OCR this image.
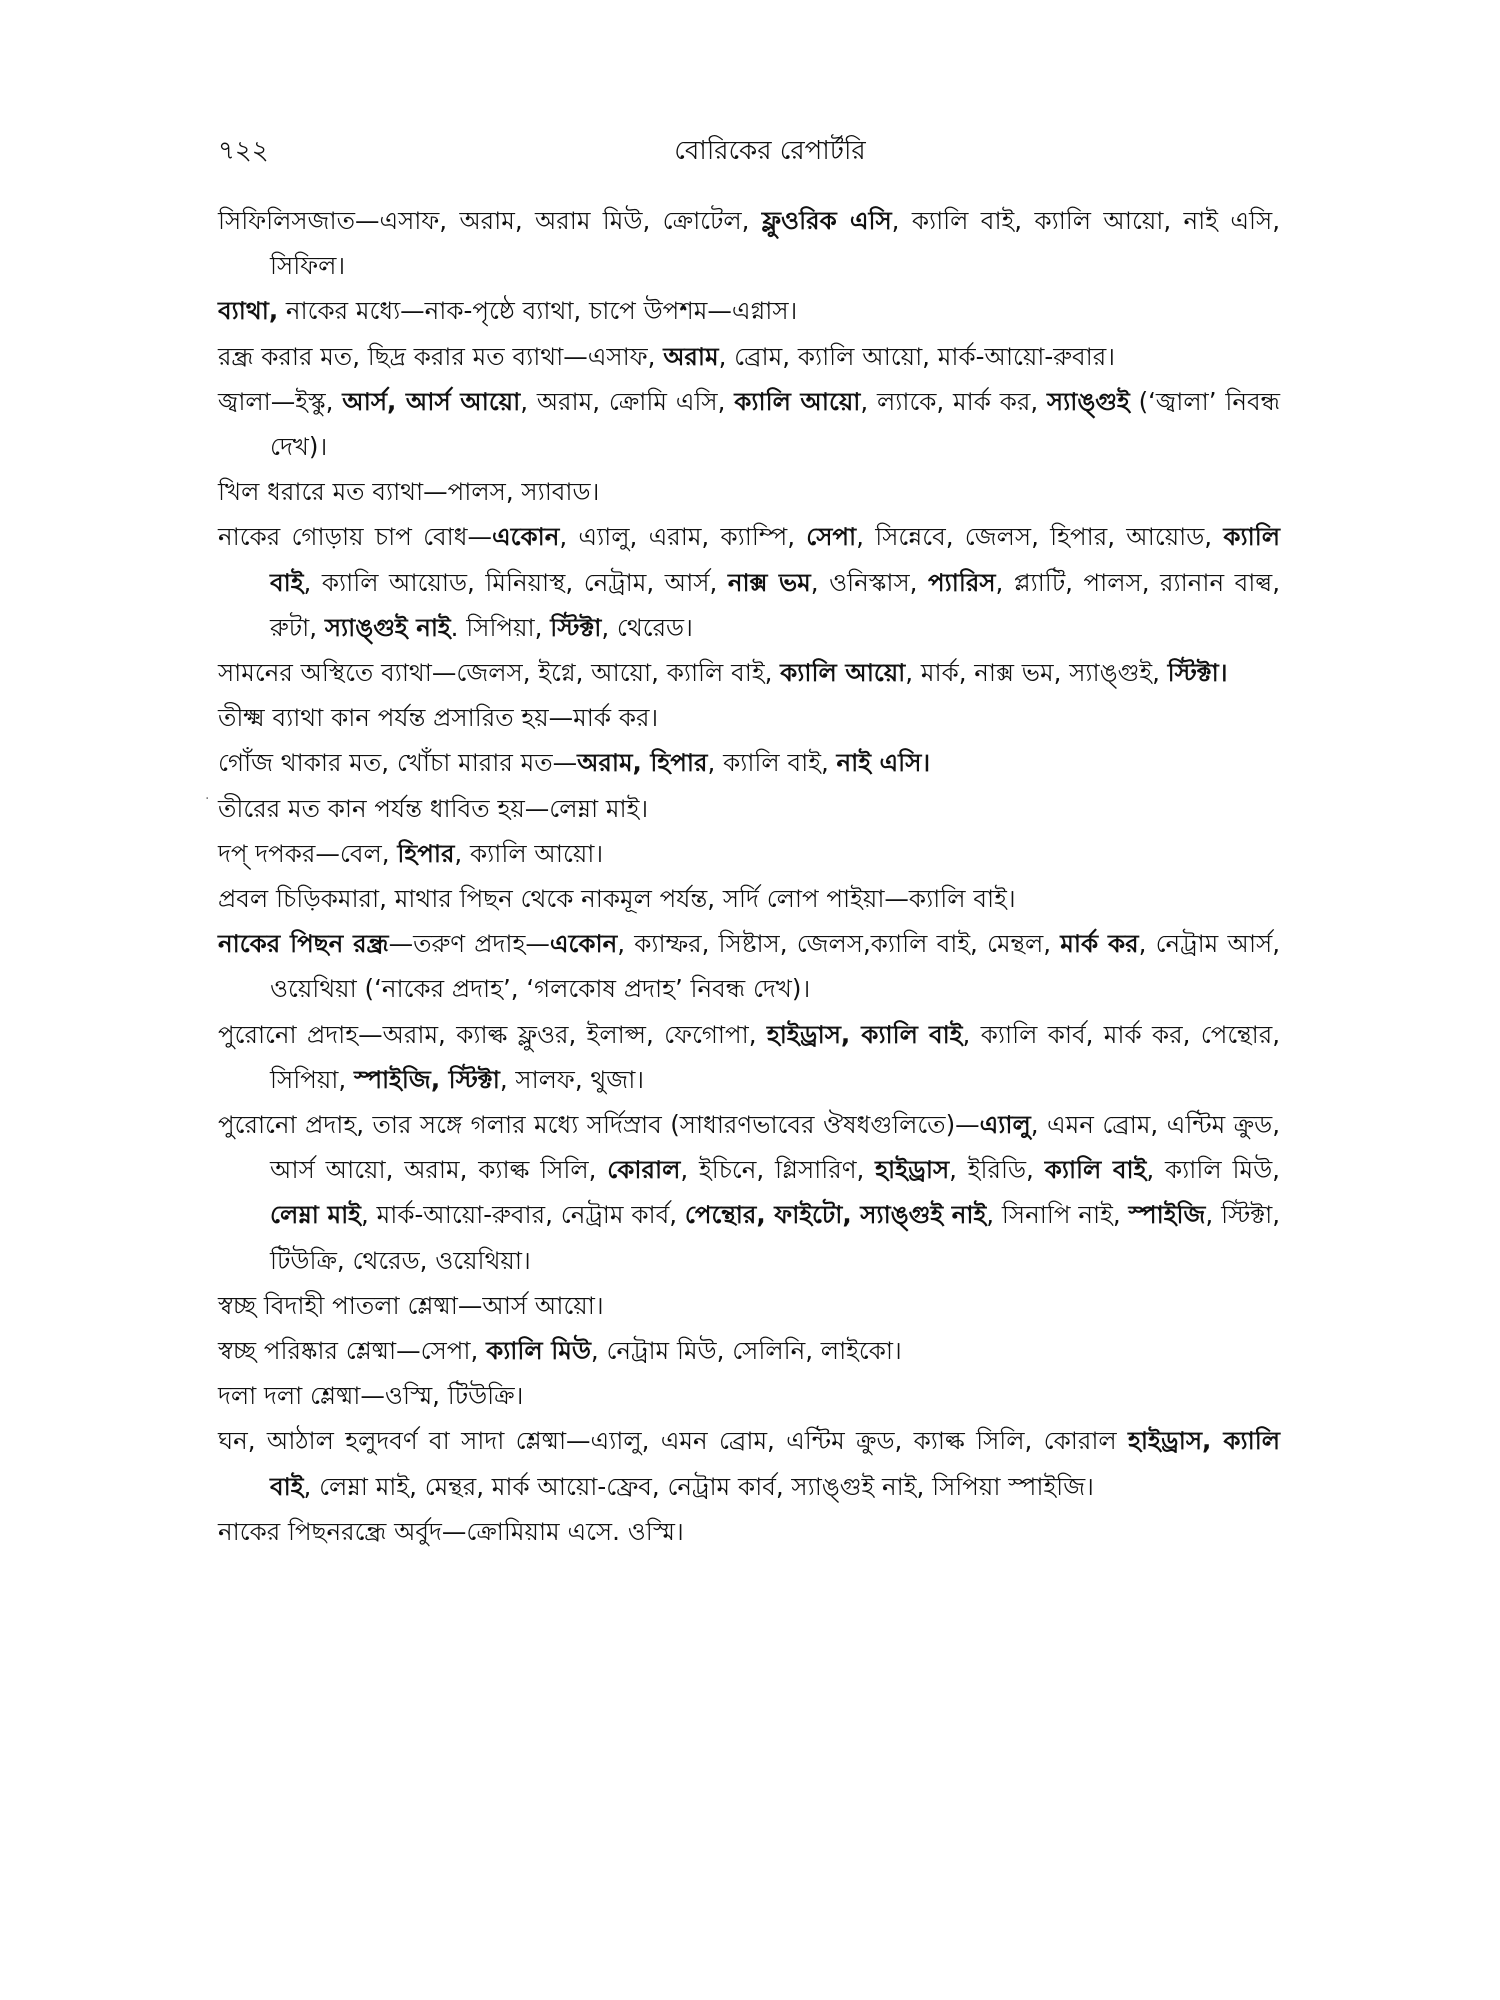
৭২২	বোরিকের রেপার্টরি
.

সিফিলিসজাত—এসাফ, অরাম, অরাম মিউ, ক্রোটেল, ফ্লুওরিক এসি, ক্যালি বাই, ক্যালি আয়ো, নাই এসি, সিফিল।

ব্যাথা, নাকের মধ্যে—নাক-পৃষ্ঠে ব্যাথা, চাপে উপশম—এগ্নাস।

রন্ধ্র করার মত, ছিদ্র করার মত ব্যাথা—এসাফ, অরাম, ব্রোম, ক্যালি আয়ো, মার্ক-আয়ো-রুবার।

জ্বালা—ইস্কু, আর্স, আর্স আয়ো, অরাম, ক্রোমি এসি, ক্যালি আয়ো, ল্যাকে, মার্ক কর, স্যাঙ্গুই (‘জ্বালা’ নিবন্ধ দেখ)।

খিল ধরারে মত ব্যাথা—পালস, স্যাবাড।

নাকের গোড়ায় চাপ বোধ—একোন, এ্যালু, এরাম, ক্যাম্পি, সেপা, সিন্নেবে, জেলস, হিপার, আয়োড, ক্যালি বাই, ক্যালি আয়োড, মিনিয়াস্থ, নেট্রাম, আর্স, নাক্স ভম, ওনিস্কাস, প্যারিস, প্ল্যাটি, পালস, র‍্যানান বাল্ব, রুটা, স্যাঙ্গুই নাই. সিপিয়া, স্টিক্টা, থেরেড।

সামনের অস্থিতে ব্যাথা—জেলস, ইগ্নে, আয়ো, ক্যালি বাই, ক্যালি আয়ো, মার্ক, নাক্স ভম, স্যাঙ্গুই, স্টিক্টা।

তীক্ষ্ম ব্যাথা কান পর্যন্ত প্রসারিত হয়—মার্ক কর।

গোঁজ থাকার মত, খোঁচা মারার মত—অরাম, হিপার, ক্যালি বাই, নাই এসি।

তীরের মত কান পর্যন্ত ধাবিত হয়—লেম্না মাই।

দপ্ দপকর—বেল, হিপার, ক্যালি আয়ো।

প্রবল চিড়িকমারা, মাথার পিছন থেকে নাকমূল পর্যন্ত, সর্দি লোপ পাইয়া—ক্যালি বাই।

নাকের পিছন রন্ধ্র—তরুণ প্রদাহ—একোন, ক্যাম্ফর, সিষ্টাস, জেলস,ক্যালি বাই, মেন্থল, মার্ক কর, নেট্রাম আর্স, ওয়েথিয়া (‘নাকের প্রদাহ’, ‘গলকোষ প্রদাহ’ নিবন্ধ দেখ)।

পুরোনো প্রদাহ—অরাম, ক্যাল্ক ফ্লুওর, ইলাপ্স, ফেগোপা, হাইড্রাস, ক্যালি বাই, ক্যালি কার্ব, মার্ক কর, পেন্থোর, সিপিয়া, স্পাইজি, স্টিক্টা, সালফ, থুজা।

পুরোনো প্রদাহ, তার সঙ্গে গলার মধ্যে সর্দিস্রাব (সাধারণভাবের ঔষধগুলিতে)—এ্যালু, এমন ব্রোম, এন্টিম ক্রুড, আর্স আয়ো, অরাম, ক্যাল্ক সিলি, কোরাল, ইচিনে, গ্লিসারিণ, হাইড্রাস, ইরিডি, ক্যালি বাই, ক্যালি মিউ, লেম্না মাই, মার্ক-আয়ো-রুবার, নেট্রাম কার্ব, পেন্থোর, ফাইটো, স্যাঙ্গুই নাই, সিনাপি নাই, স্পাইজি, স্টিক্টা, টিউক্রি, থেরেড, ওয়েথিয়া।

স্বচ্ছ বিদাহী পাতলা শ্লেষ্মা—আর্স আয়ো।

স্বচ্ছ পরিষ্কার শ্লেষ্মা—সেপা, ক্যালি মিউ, নেট্রাম মিউ, সেলিনি, লাইকো।

দলা দলা শ্লেষ্মা—ওস্মি, টিউক্রি।

ঘন, আঠাল হলুদবর্ণ বা সাদা শ্লেষ্মা—এ্যালু, এমন ব্রোম, এন্টিম ক্রুড, ক্যাল্ক সিলি, কোরাল হাইড্রাস, ক্যালি বাই, লেম্না মাই, মেন্থর, মার্ক আয়ো-ফ্রেব, নেট্রাম কার্ব, স্যাঙ্গুই নাই, সিপিয়া স্পাইজি।

নাকের পিছনরন্ধ্রে অর্বুদ—ক্রোমিয়াম এসে. ওস্মি।
